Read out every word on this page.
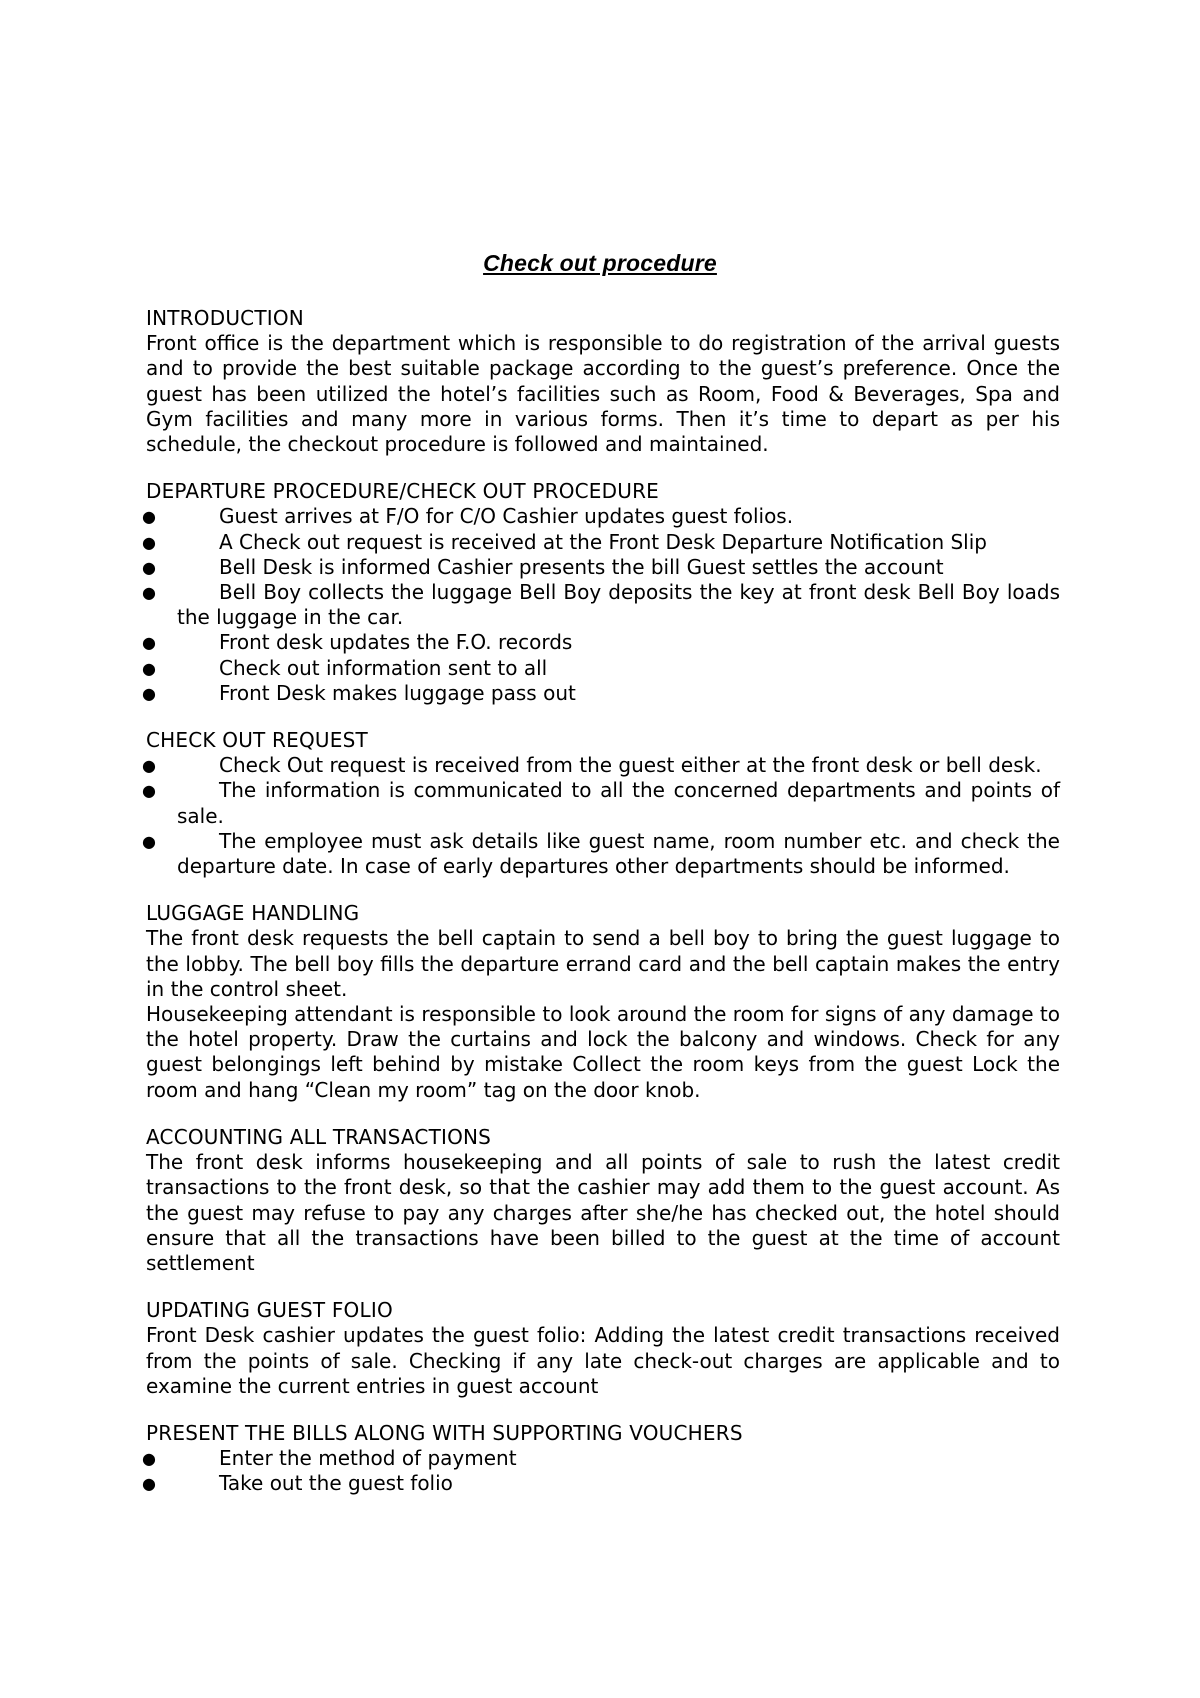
Check out procedure

INTRODUCTION

Front office is the department which is responsible to do registration of the arrival guests and to provide the best suitable package according to the guest’s preference. Once the guest has been utilized the hotel’s facilities such as Room, Food & Beverages, Spa and Gym facilities and many more in various forms. Then it’s time to depart as per his schedule, the checkout procedure is followed and maintained.

DEPARTURE PROCEDURE/CHECK OUT PROCEDURE

●	Guest arrives at F/O for C/O Cashier updates guest folios.
●	A Check out request is received at the Front Desk Departure Notification Slip
●	Bell Desk is informed Cashier presents the bill Guest settles the account
●	Bell Boy collects the luggage Bell Boy deposits the key at front desk Bell Boy loads the luggage in the car.
●	Front desk updates the F.O. records
●	Check out information sent to all
●	Front Desk makes luggage pass out

CHECK OUT REQUEST

●	Check Out request is received from the guest either at the front desk or bell desk.
●	The information is communicated to all the concerned departments and points of sale.
●	The employee must ask details like guest name, room number etc. and check the departure date. In case of early departures other departments should be informed.

LUGGAGE HANDLING

The front desk requests the bell captain to send a bell boy to bring the guest luggage to the lobby. The bell boy fills the departure errand card and the bell captain makes the entry in the control sheet.

Housekeeping attendant is responsible to look around the room for signs of any damage to the hotel property. Draw the curtains and lock the balcony and windows. Check for any guest belongings left behind by mistake Collect the room keys from the guest Lock the room and hang “Clean my room” tag on the door knob.

ACCOUNTING ALL TRANSACTIONS

The front desk informs housekeeping and all points of sale to rush the latest credit transactions to the front desk, so that the cashier may add them to the guest account. As the guest may refuse to pay any charges after she/he has checked out, the hotel should ensure that all the transactions have been billed to the guest at the time of account settlement

UPDATING GUEST FOLIO

Front Desk cashier updates the guest folio: Adding the latest credit transactions received from the points of sale. Checking if any late check-out charges are applicable and to examine the current entries in guest account

PRESENT THE BILLS ALONG WITH SUPPORTING VOUCHERS

●	Enter the method of payment
●	Take out the guest folio
